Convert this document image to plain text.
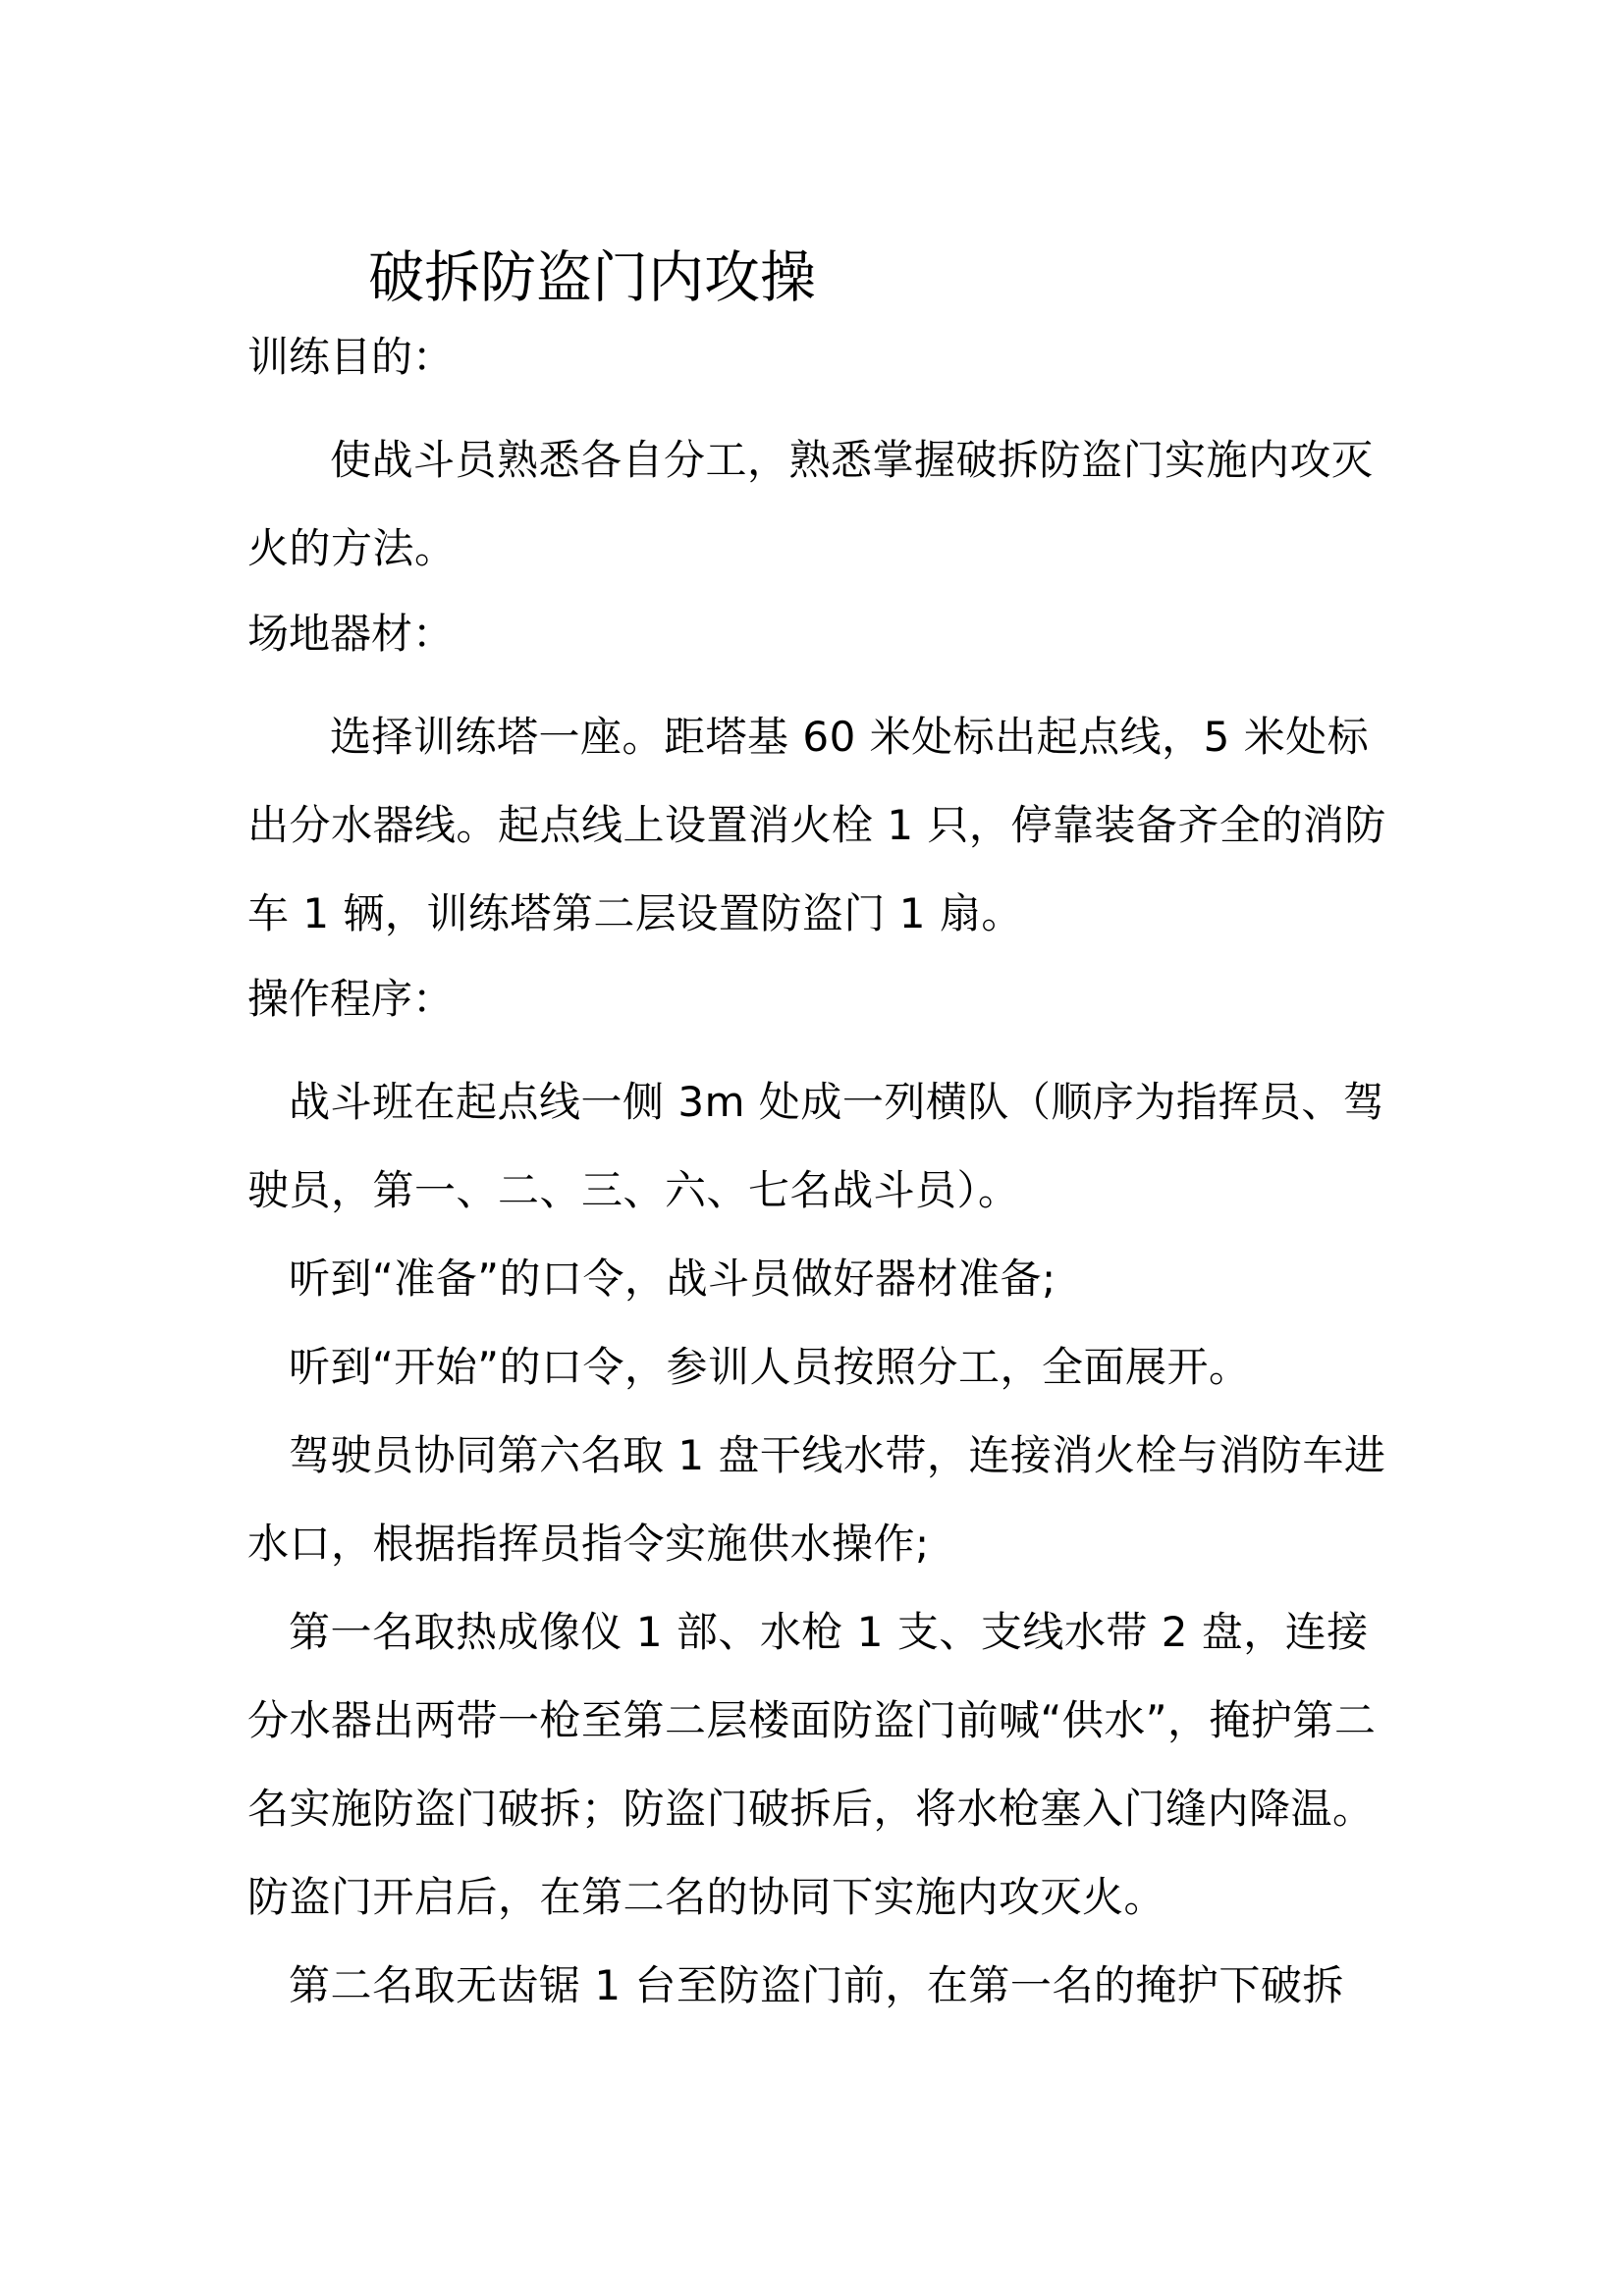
破拆防盗门内攻操
训练目的：

使战斗员熟悉各自分工，熟悉掌握破拆防盗门实施内攻灭火的方法。

场地器材：

选择训练塔一座。距塔基 60 米处标出起点线，5 米处标出分水器线。起点线上设置消火栓 1 只，停靠装备齐全的消防车 1 辆，训练塔第二层设置防盗门 1 扇。

操作程序：

战斗班在起点线一侧 3m 处成一列横队（顺序为指挥员、驾驶员，第一、二、三、六、七名战斗员）。

听到“准备”的口令，战斗员做好器材准备;

听到“开始”的口令，参训人员按照分工，全面展开。

驾驶员协同第六名取 1 盘干线水带，连接消火栓与消防车进水口，根据指挥员指令实施供水操作;

第一名取热成像仪 1 部、水枪 1 支、支线水带 2 盘，连接分水器出两带一枪至第二层楼面防盗门前喊“供水”，掩护第二名实施防盗门破拆；防盗门破拆后，将水枪塞入门缝内降温。防盗门开启后，在第二名的协同下实施内攻灭火。

第二名取无齿锯 1 台至防盗门前，在第一名的掩护下破拆
